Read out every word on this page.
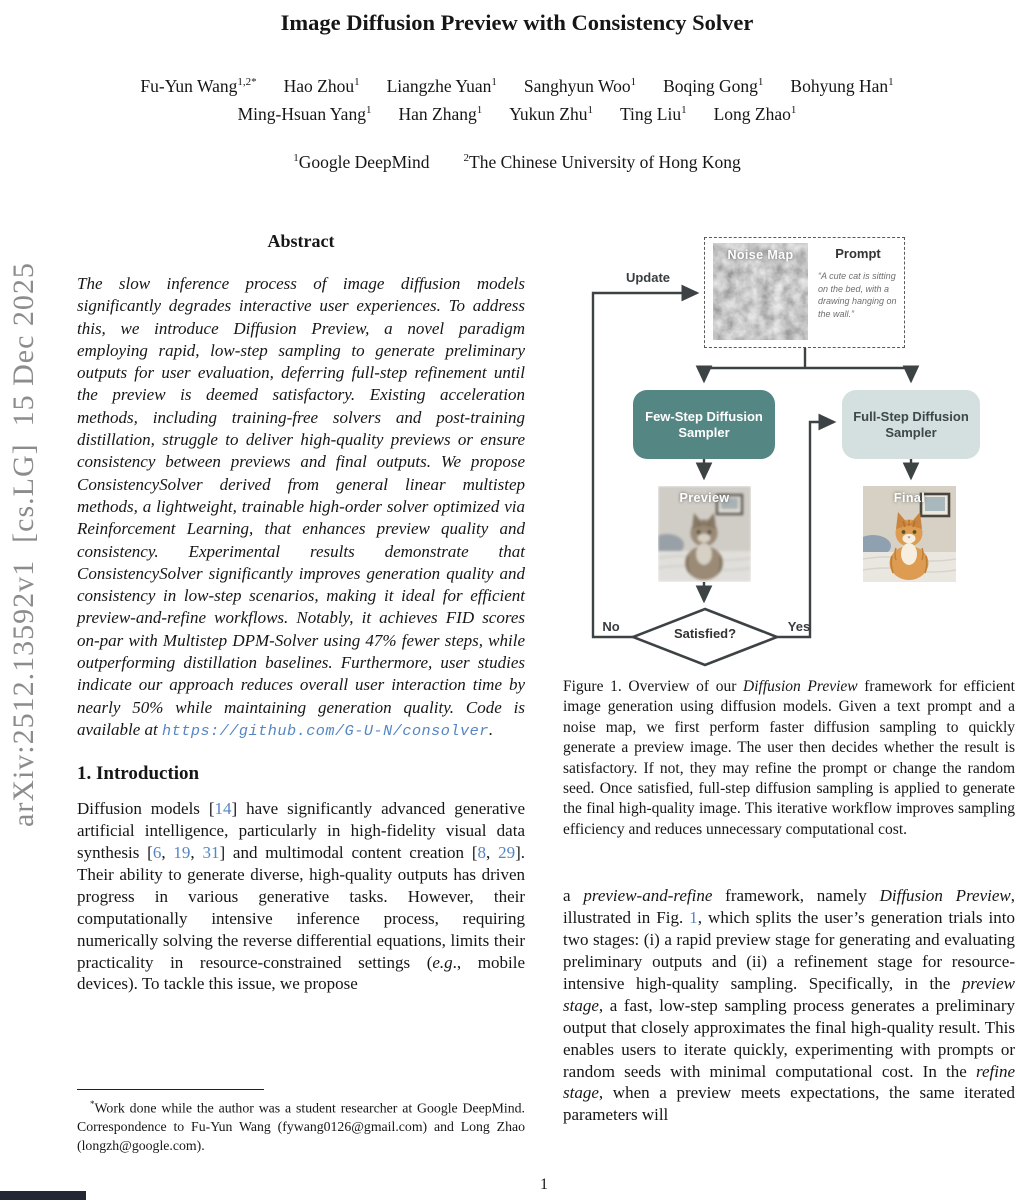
arXiv:2512.13592v1  [cs.LG]  15 Dec 2025
Image Diffusion Preview with Consistency Solver
Fu-Yun Wang$^{1,2*}$ Hao Zhou$^1$ Liangzhe Yuan$^1$ Sanghyun Woo$^1$ Boqing Gong$^1$ Bohyung Han$^1$
Ming-Hsuan Yang$^1$ Han Zhang$^1$ Yukun Zhu$^1$ Ting Liu$^1$ Long Zhao$^1$
$^1$Google DeepMind	$^2$The Chinese University of Hong Kong
Abstract
The slow inference process of image diffusion models significantly degrades interactive user experiences. To address this, we introduce Diffusion Preview, a novel paradigm employing rapid, low-step sampling to generate preliminary outputs for user evaluation, deferring full-step refinement until the preview is deemed satisfactory. Existing acceleration methods, including training-free solvers and post-training distillation, struggle to deliver high-quality previews or ensure consistency between previews and final outputs. We propose ConsistencySolver derived from general linear multistep methods, a lightweight, trainable high-order solver optimized via Reinforcement Learning, that enhances preview quality and consistency. Experimental results demonstrate that ConsistencySolver significantly improves generation quality and consistency in low-step scenarios, making it ideal for efficient preview-and-refine workflows. Notably, it achieves FID scores on-par with Multistep DPM-Solver using 47% fewer steps, while outperforming distillation baselines. Furthermore, user studies indicate our approach reduces overall user interaction time by nearly 50% while maintaining generation quality. Code is available at https://github.com/G-U-N/consolver.
1. Introduction
Diffusion models [14] have significantly advanced generative artificial intelligence, particularly in high-fidelity visual data synthesis [6, 19, 31] and multimodal content creation [8, 29]. Their ability to generate diverse, high-quality outputs has driven progress in various generative tasks. However, their computationally intensive inference process, requiring numerically solving the reverse differential equations, limits their practicality in resource-constrained settings (e.g., mobile devices). To tackle this issue, we propose
Update
Noise Map	Prompt
“A cute cat is sitting on the bed, with a drawing hanging on the wall.”
Few-Step Diffusion Sampler
Full-Step Diffusion Sampler
Preview	Final
Satisfied?
No	Yes
Figure 1. Overview of our Diffusion Preview framework for efficient image generation using diffusion models. Given a text prompt and a noise map, we first perform faster diffusion sampling to quickly generate a preview image. The user then decides whether the result is satisfactory. If not, they may refine the prompt or change the random seed. Once satisfied, full-step diffusion sampling is applied to generate the final high-quality image. This iterative workflow improves sampling efficiency and reduces unnecessary computational cost.
a preview-and-refine framework, namely Diffusion Preview, illustrated in Fig. 1, which splits the user’s generation trials into two stages: (i) a rapid preview stage for generating and evaluating preliminary outputs and (ii) a refinement stage for resource-intensive high-quality sampling. Specifically, in the preview stage, a fast, low-step sampling process generates a preliminary output that closely approximates the final high-quality result. This enables users to iterate quickly, experimenting with prompts or random seeds with minimal computational cost. In the refine stage, when a preview meets expectations, the same iterated parameters will
*Work done while the author was a student researcher at Google DeepMind. Correspondence to Fu-Yun Wang (fywang0126@gmail.com) and Long Zhao (longzh@google.com).
1
